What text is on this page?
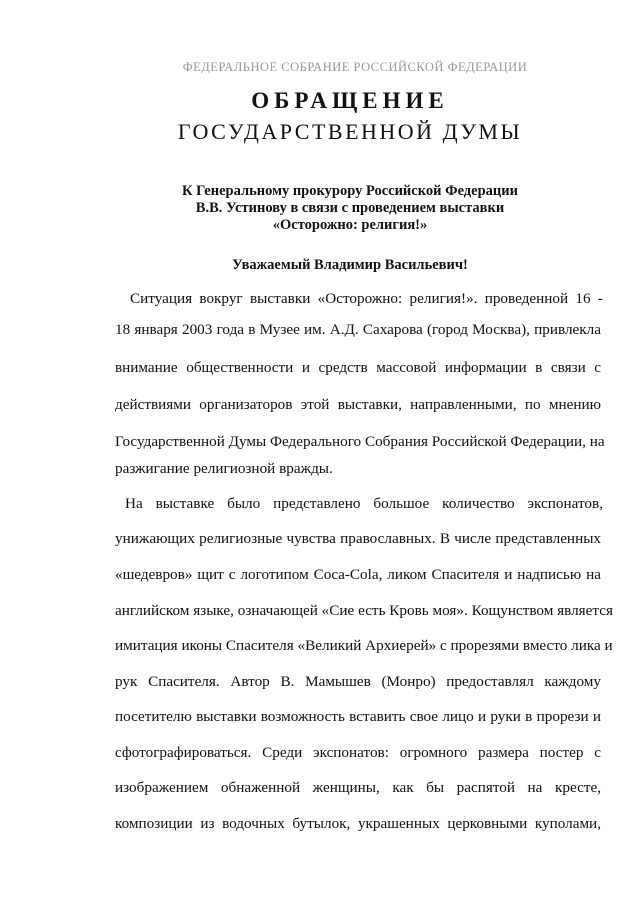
ФЕДЕРАЛЬНОЕ СОБРАНИЕ РОССИЙСКОЙ ФЕДЕРАЦИИ
ОБРАЩЕНИЕ
ГОСУДАРСТВЕННОЙ ДУМЫ
К Генеральному прокурору Российской Федерации
В.В. Устинову в связи с проведением выставки
«Осторожно: религия!»
Уважаемый Владимир Васильевич!
Ситуация вокруг выставки «Осторожно: религия!». проведенной 16 -
18 января 2003 года в Музее им. А.Д. Сахарова (город Москва), привлекла
внимание общественности и средств массовой информации в связи с
действиями организаторов этой выставки, направленными, по мнению
Государственной Думы Федерального Собрания Российской Федерации, на
разжигание религиозной вражды.
На выставке было представлено большое количество экспонатов,
унижающих религиозные чувства православных. В числе представленных
«шедевров» щит с логотипом Coca-Cola, ликом Спасителя и надписью на
английском языке, означающей «Сие есть Кровь моя». Кощунством является
имитация иконы Спасителя «Великий Архиерей» с прорезями вместо лика и
рук Спасителя. Автор В. Мамышев (Монро) предоставлял каждому
посетителю выставки возможность вставить свое лицо и руки в прорези и
сфотографироваться. Среди экспонатов: огромного размера постер с
изображением обнаженной женщины, как бы распятой на кресте,
композиции из водочных бутылок, украшенных церковными куполами,
